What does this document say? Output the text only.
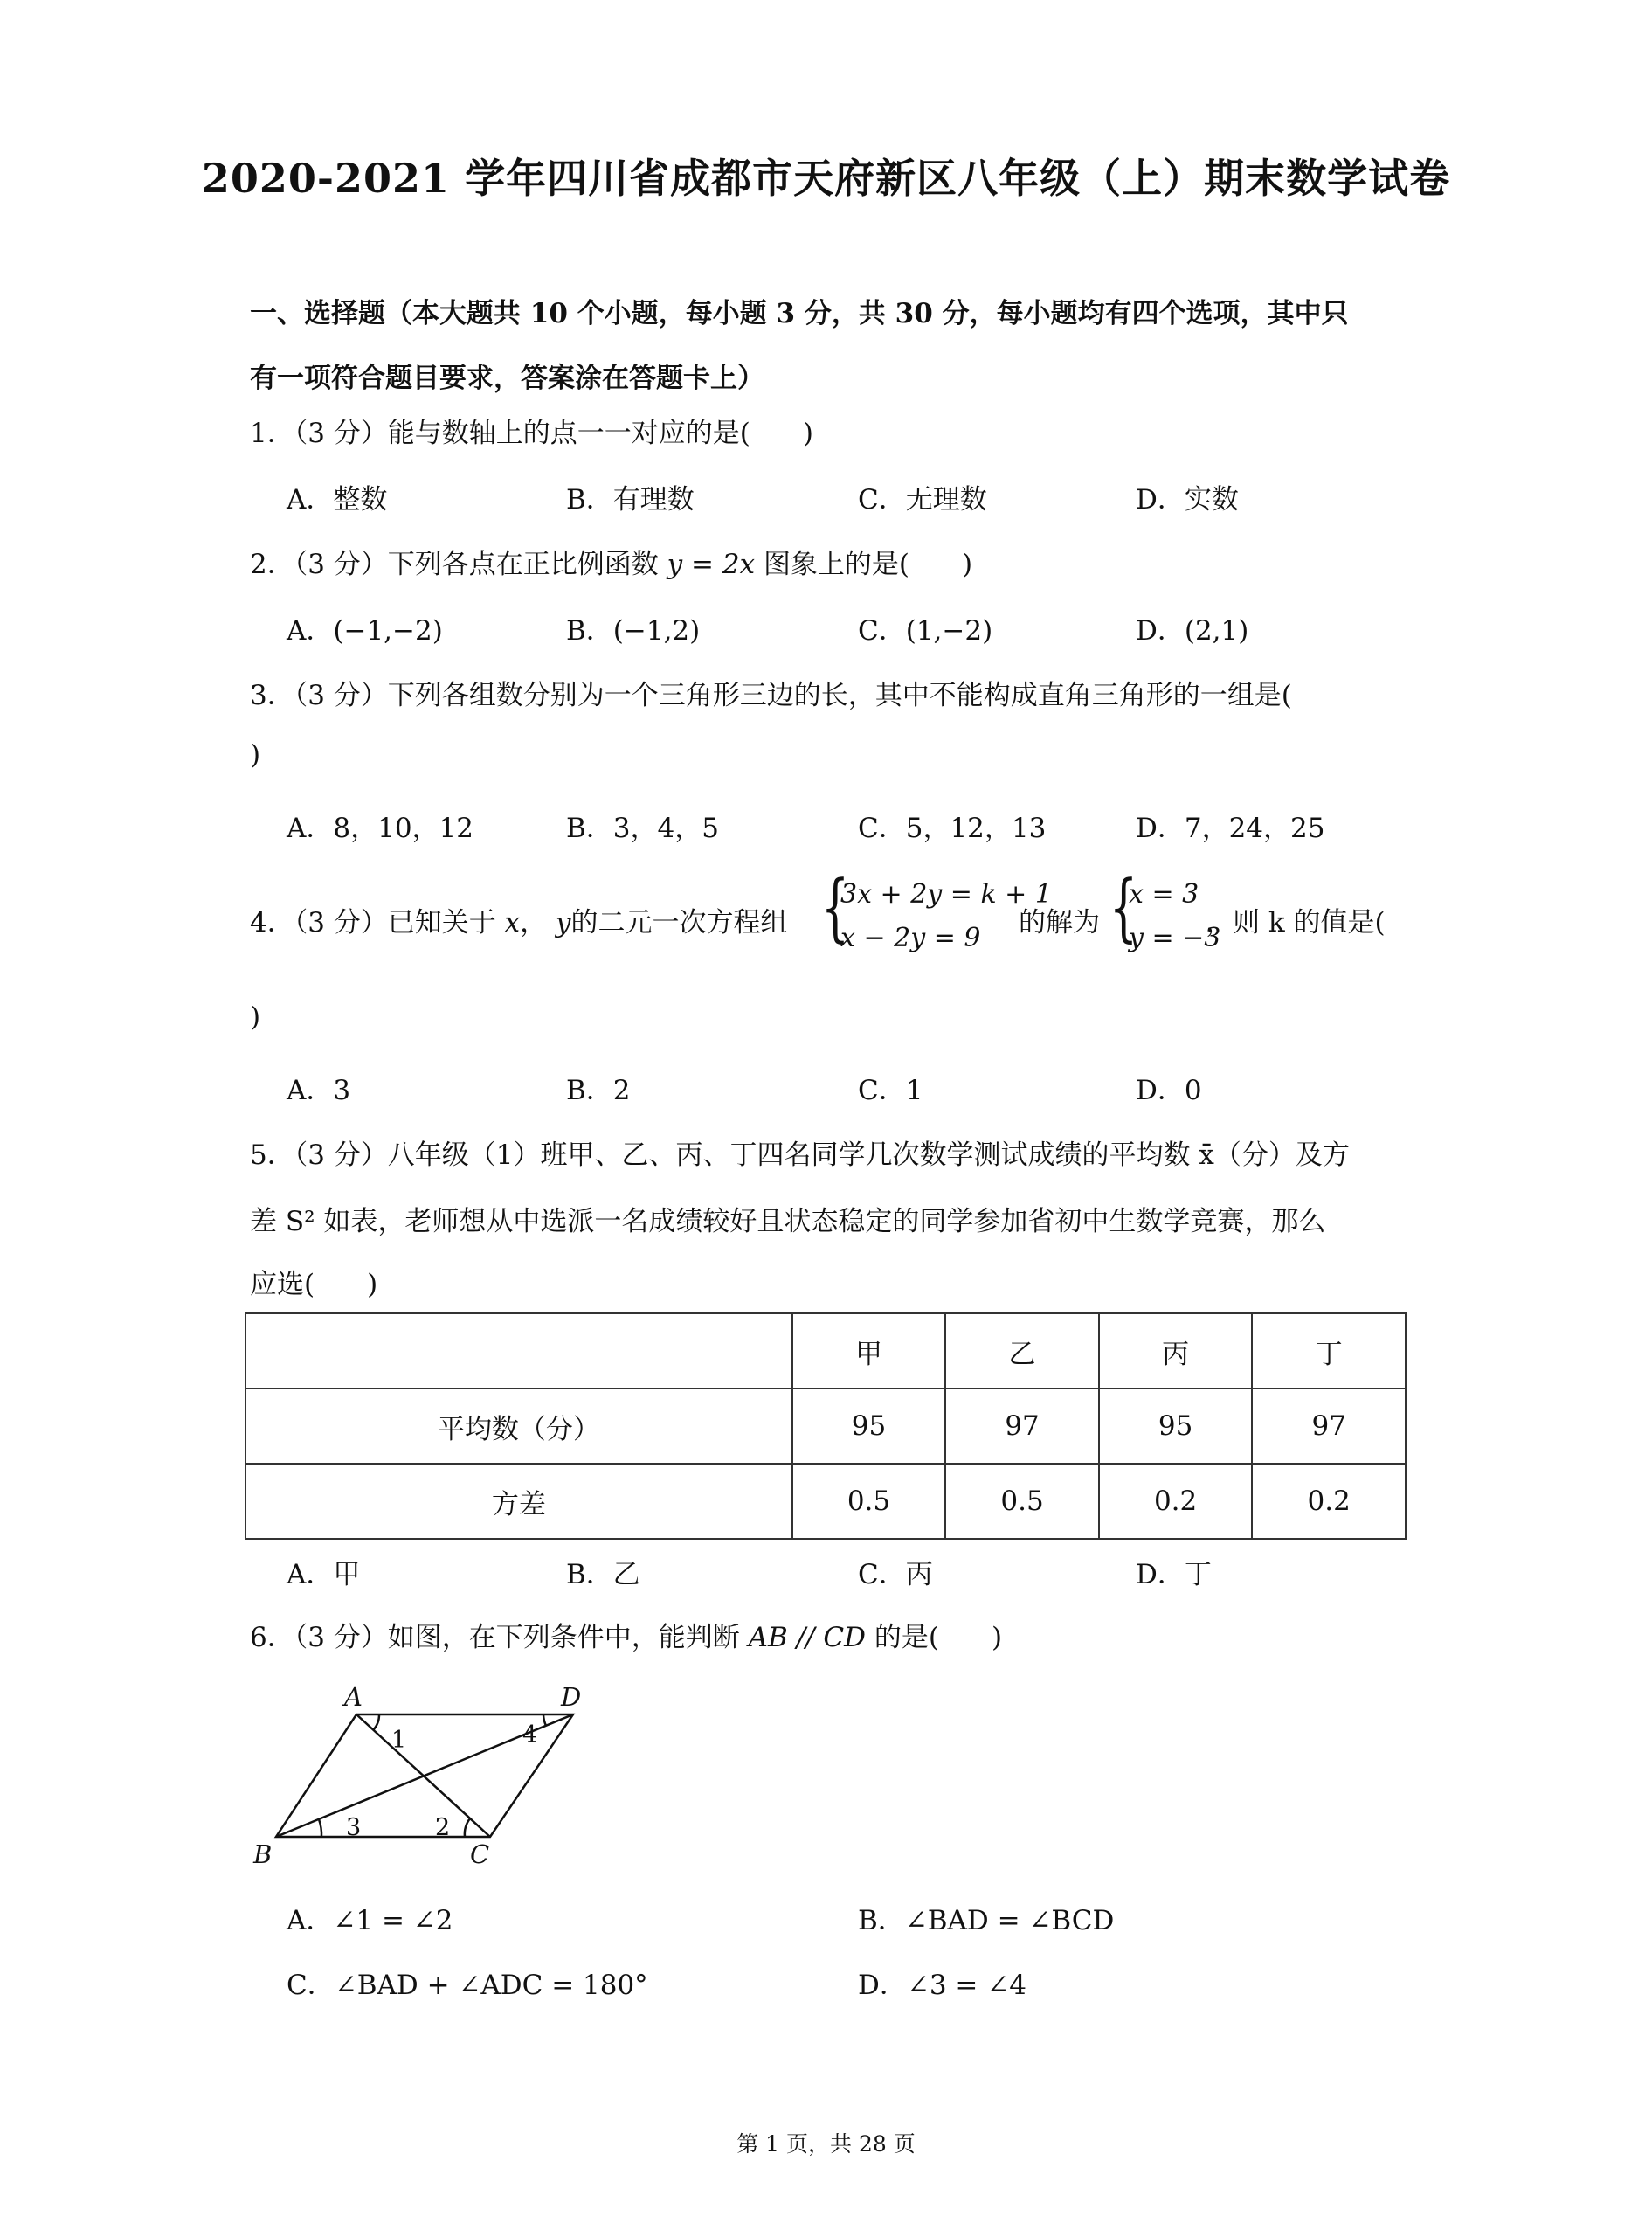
2020-2021 学年四川省成都市天府新区八年级（上）期末数学试卷
一、选择题（本大题共 10 个小题，每小题 3 分，共 30 分，每小题均有四个选项，其中只
有一项符合题目要求，答案涂在答题卡上）
1．（3 分）能与数轴上的点一一对应的是( )
A．整数	B．有理数	C．无理数	D．实数
2．（3 分）下列各点在正比例函数 y = 2x 图象上的是( )
A．(−1,−2)	B．(−1,2)	C．(1,−2)	D．(2,1)
3．（3 分）下列各组数分别为一个三角形三边的长，其中不能构成直角三角形的一组是(
)
A．8，10，12	B．3，4，5	C．5，12，13	D．7，24，25
4．（3 分）已知关于 x， y的二元一次方程组 {
3x + 2y = k + 1
x − 2y = 9 的解为 {
x = 3
y = −3
，则 k 的值是(
)
A．3	B．2	C．1	D．0
5．（3 分）八年级（1）班甲、乙、丙、丁四名同学几次数学测试成绩的平均数 x̄（分）及方
差 S² 如表，老师想从中选派一名成绩较好且状态稳定的同学参加省初中生数学竞赛，那么
应选( )
	甲	乙	丙	丁
平均数（分）	95	97	95	97
方差	0.5	0.5	0.2	0.2
A．甲	B．乙	C．丙	D．丁
6．（3 分）如图，在下列条件中，能判断 AB // CD 的是( )
A	D
B	C
1	4
3	2
A．∠1 = ∠2	B．∠BAD = ∠BCD
C．∠BAD + ∠ADC = 180°	D．∠3 = ∠4
第 1 页，共 28 页
